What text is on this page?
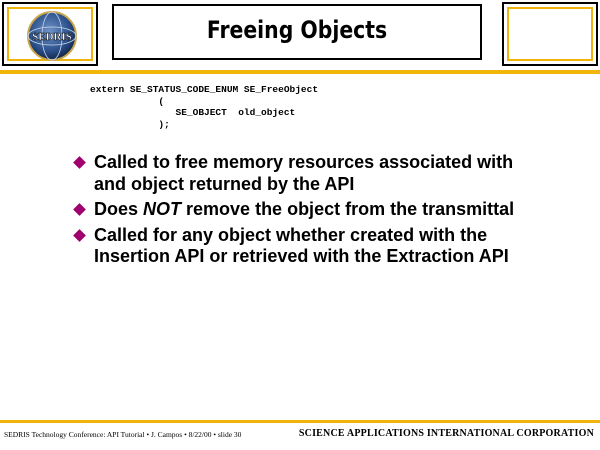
SEDRIS	Freeing Objects
extern SE_STATUS_CODE_ENUM SE_FreeObject
(
SE_OBJECT  old_object
);
Called to free memory resources associated with and object returned by the API
Does NOT remove the object from the transmittal
Called for any object whether created with the Insertion API or retrieved with the Extraction API
SEDRIS Technology Conference: API Tutorial • J. Campos • 8/22/00 • slide 30	SCIENCE APPLICATIONS INTERNATIONAL CORPORATION
